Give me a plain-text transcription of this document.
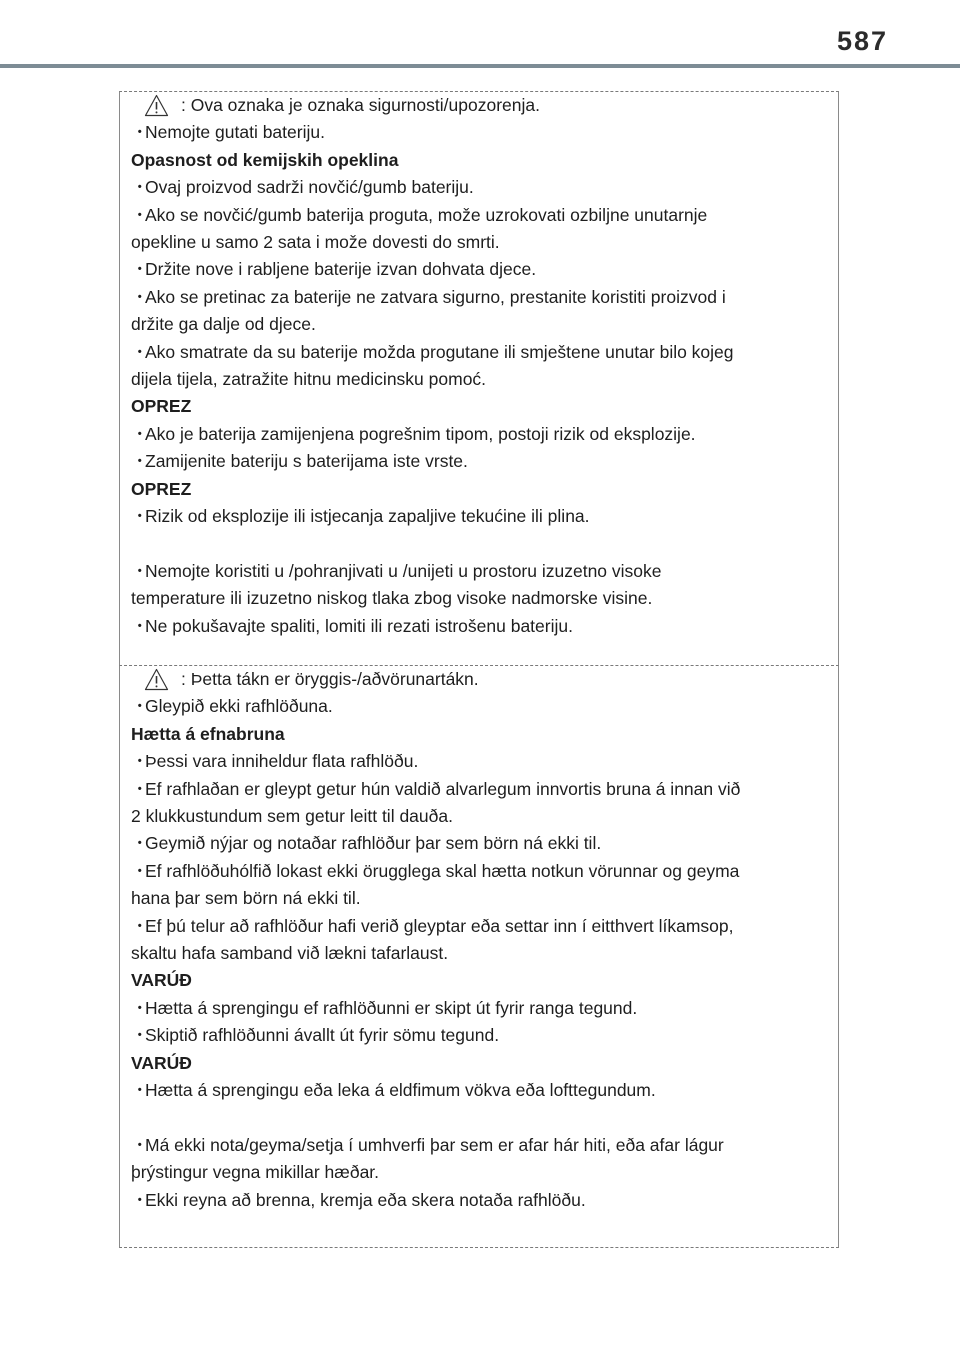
587
: Ova oznaka je oznaka sigurnosti/upozorenja.
・Nemojte gutati bateriju.
Opasnost od kemijskih opeklina
・Ovaj proizvod sadrži novčić/gumb bateriju.
・Ako se novčić/gumb baterija proguta, može uzrokovati ozbiljne unutarnje
opekline u samo 2 sata i može dovesti do smrti.
・Držite nove i rabljene baterije izvan dohvata djece.
・Ako se pretinac za baterije ne zatvara sigurno, prestanite koristiti proizvod i
držite ga dalje od djece.
・Ako smatrate da su baterije možda progutane ili smještene unutar bilo kojeg
dijela tijela, zatražite hitnu medicinsku pomoć.
OPREZ
・Ako je baterija zamijenjena pogrešnim tipom, postoji rizik od eksplozije.
・Zamijenite bateriju s baterijama iste vrste.
OPREZ
・Rizik od eksplozije ili istjecanja zapaljive tekućine ili plina.
・Nemojte koristiti u /pohranjivati u /unijeti u prostoru izuzetno visoke
temperature ili izuzetno niskog tlaka zbog visoke nadmorske visine.
・Ne pokušavajte spaliti, lomiti ili rezati istrošenu bateriju.
: Þetta tákn er öryggis-/aðvörunartákn.
・Gleypið ekki rafhlöðuna.
Hætta á efnabruna
・Þessi vara inniheldur flata rafhlöðu.
・Ef rafhlaðan er gleypt getur hún valdið alvarlegum innvortis bruna á innan við
2 klukkustundum sem getur leitt til dauða.
・Geymið nýjar og notaðar rafhlöður þar sem börn ná ekki til.
・Ef rafhlöðuhólfið lokast ekki örugglega skal hætta notkun vörunnar og geyma
hana þar sem börn ná ekki til.
・Ef þú telur að rafhlöður hafi verið gleyptar eða settar inn í eitthvert líkamsop,
skaltu hafa samband við lækni tafarlaust.
VARÚÐ
・Hætta á sprengingu ef rafhlöðunni er skipt út fyrir ranga tegund.
・Skiptið rafhlöðunni ávallt út fyrir sömu tegund.
VARÚÐ
・Hætta á sprengingu eða leka á eldfimum vökva eða lofttegundum.
・Má ekki nota/geyma/setja í umhverfi þar sem er afar hár hiti, eða afar lágur
þrýstingur vegna mikillar hæðar.
・Ekki reyna að brenna, kremja eða skera notaða rafhlöðu.
